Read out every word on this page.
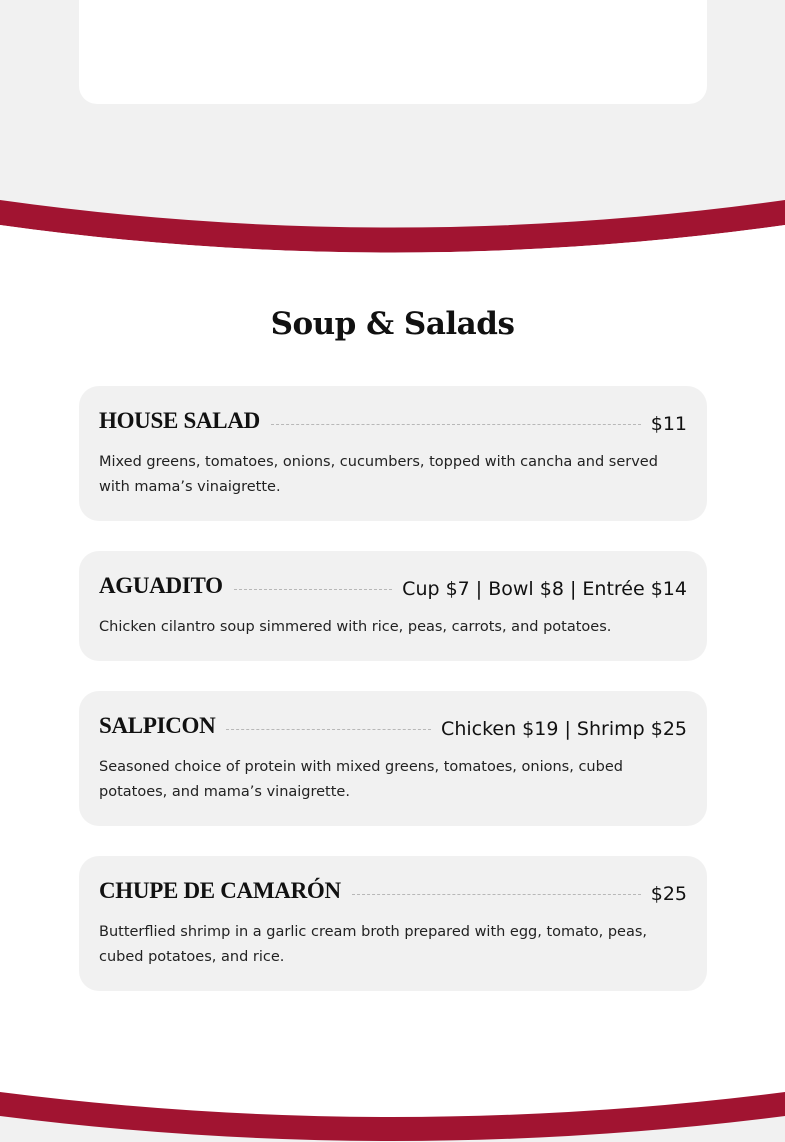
Soup & Salads
HOUSE SALAD	$11

Mixed greens, tomatoes, onions, cucumbers, topped with cancha and served with mama’s vinaigrette.

AGUADITO	Cup $7 | Bowl $8 | Entrée $14

Chicken cilantro soup simmered with rice, peas, carrots, and potatoes.

SALPICON	Chicken $19 | Shrimp $25

Seasoned choice of protein with mixed greens, tomatoes, onions, cubed potatoes, and mama’s vinaigrette.

CHUPE DE CAMARÓN	$25

Butterflied shrimp in a garlic cream broth prepared with egg, tomato, peas, cubed potatoes, and rice.
